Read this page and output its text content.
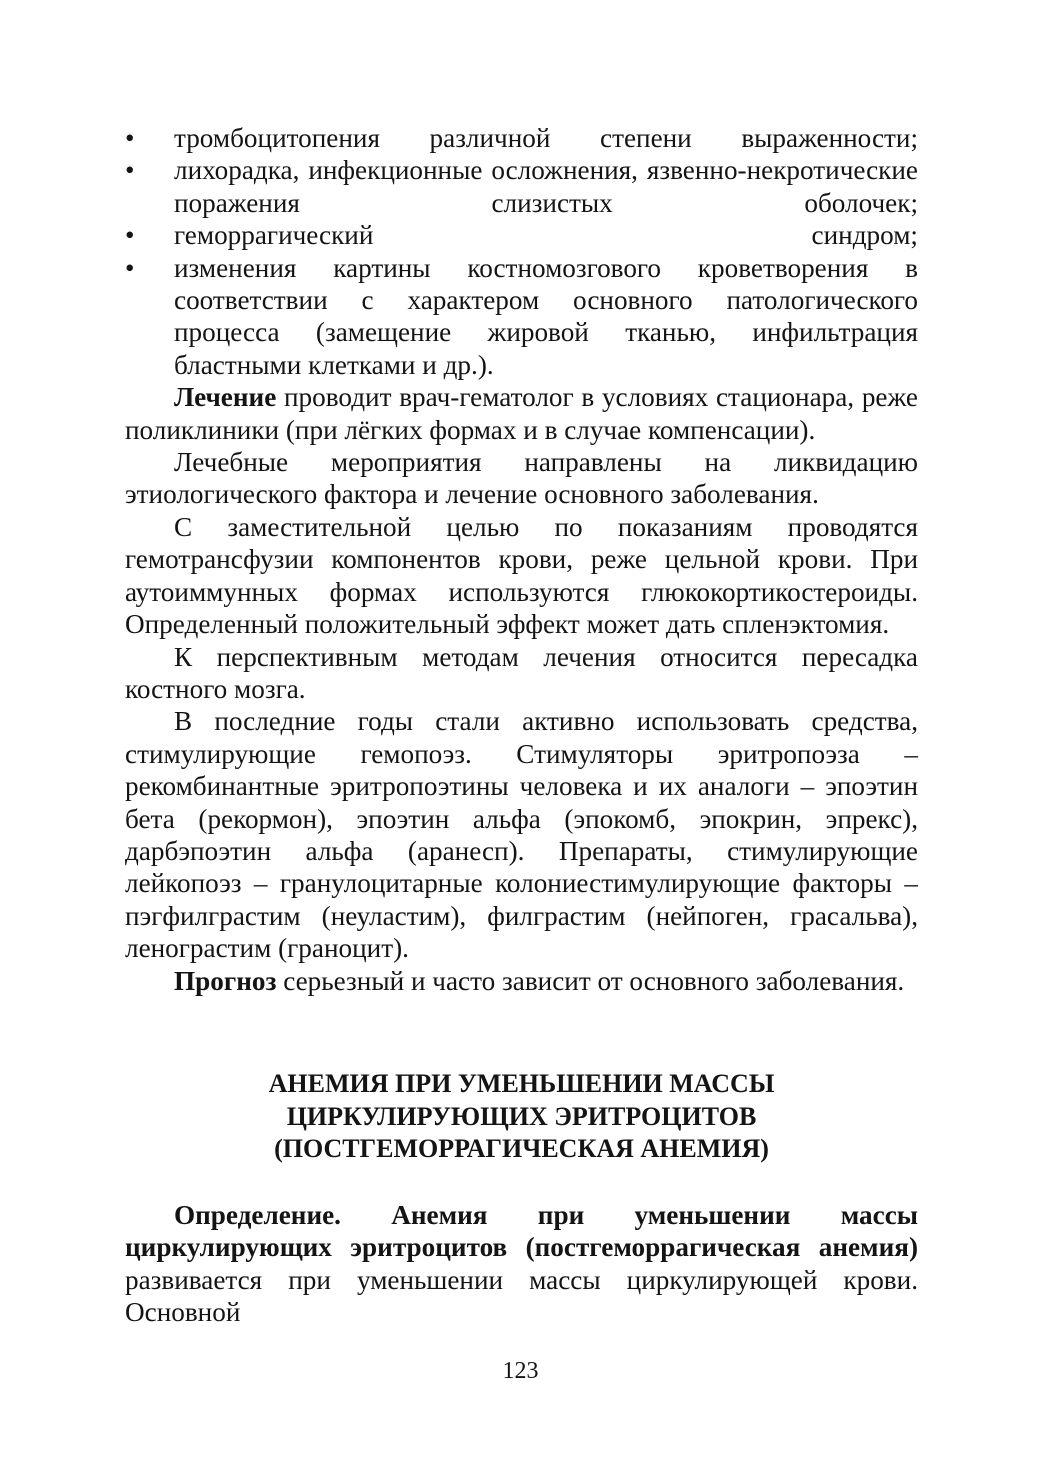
• тромбоцитопения различной степени выраженности;
• лихорадка, инфекционные осложнения, язвенно-некротические поражения слизистых оболочек;
• геморрагический синдром;
• изменения картины костномозгового кроветворения в соответствии с характером основного патологического процесса (замещение жировой тканью, инфильтрация бластными клетками и др.).

Лечение проводит врач-гематолог в условиях стационара, реже поликлиники (при лёгких формах и в случае компенсации).

Лечебные мероприятия направлены на ликвидацию этиологического фактора и лечение основного заболевания.

С заместительной целью по показаниям проводятся гемотрансфузии компонентов крови, реже цельной крови. При аутоиммунных формах используются глюкокортикостероиды. Определенный положительный эффект может дать спленэктомия.

К перспективным методам лечения относится пересадка костного мозга.

В последние годы стали активно использовать средства, стимулирующие гемопоэз. Стимуляторы эритропоэза – рекомбинантные эритропоэтины человека и их аналоги – эпоэтин бета (рекормон), эпоэтин альфа (эпокомб, эпокрин, эпрекс), дарбэпоэтин альфа (аранесп). Препараты, стимулирующие лейкопоэз – гранулоцитарные колониестимулирующие факторы – пэгфилграстим (неуластим), филграстим (нейпоген, грасальва), ленограстим (граноцит).

Прогноз серьезный и часто зависит от основного заболевания.

АНЕМИЯ ПРИ УМЕНЬШЕНИИ МАССЫ
ЦИРКУЛИРУЮЩИХ ЭРИТРОЦИТОВ
(ПОСТГЕМОРРАГИЧЕСКАЯ АНЕМИЯ)

Определение. Анемия при уменьшении массы циркулирующих эритроцитов (постгеморрагическая анемия) развивается при уменьшении массы циркулирующей крови. Основной

123
